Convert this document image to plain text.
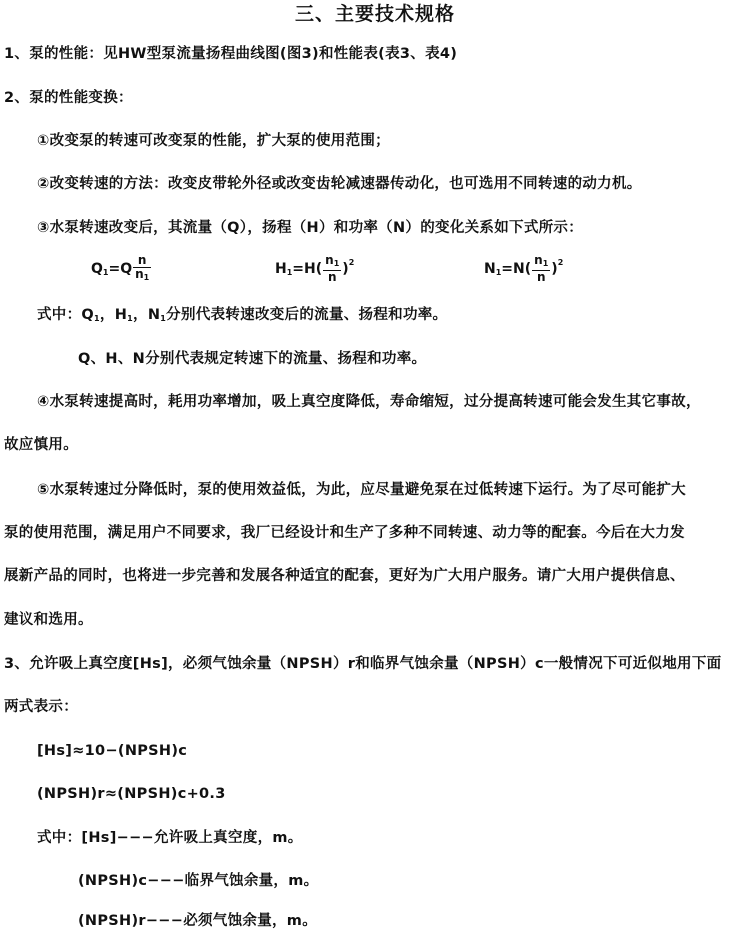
三、主要技术规格
1、泵的性能：见HW型泵流量扬程曲线图(图3)和性能表(表3、表4)
2、泵的性能变换：
①改变泵的转速可改变泵的性能，扩大泵的使用范围；
②改变转速的方法：改变皮带轮外径或改变齿轮减速器传动化，也可选用不同转速的动力机。
③水泵转速改变后，其流量（Q），扬程（H）和功率（N）的变化关系如下式所示：
$Q_1=Q \frac{n}{n_1}$	$H_1=H( \frac{n_1}{n} )^2$	$N_1=N( \frac{n_1}{n} )^2$
式中：$Q_1$，$H_1$，$N_1$分别代表转速改变后的流量、扬程和功率。
Q、H、N分别代表规定转速下的流量、扬程和功率。
④水泵转速提高时，耗用功率增加，吸上真空度降低，寿命缩短，过分提高转速可能会发生其它事故，
故应慎用。
⑤水泵转速过分降低时，泵的使用效益低，为此，应尽量避免泵在过低转速下运行。为了尽可能扩大
泵的使用范围，满足用户不同要求，我厂已经设计和生产了多种不同转速、动力等的配套。今后在大力发
展新产品的同时，也将进一步完善和发展各种适宜的配套，更好为广大用户服务。请广大用户提供信息、
建议和选用。
3、允许吸上真空度[Hs]，必须气蚀余量（NPSH）r和临界气蚀余量（NPSH）c一般情况下可近似地用下面
两式表示：
[Hs]≈10−(NPSH)c
(NPSH)r≈(NPSH)c+0.3
式中：[Hs]−−−允许吸上真空度，m。
(NPSH)c−−−临界气蚀余量，m。
(NPSH)r−−−必须气蚀余量，m。
